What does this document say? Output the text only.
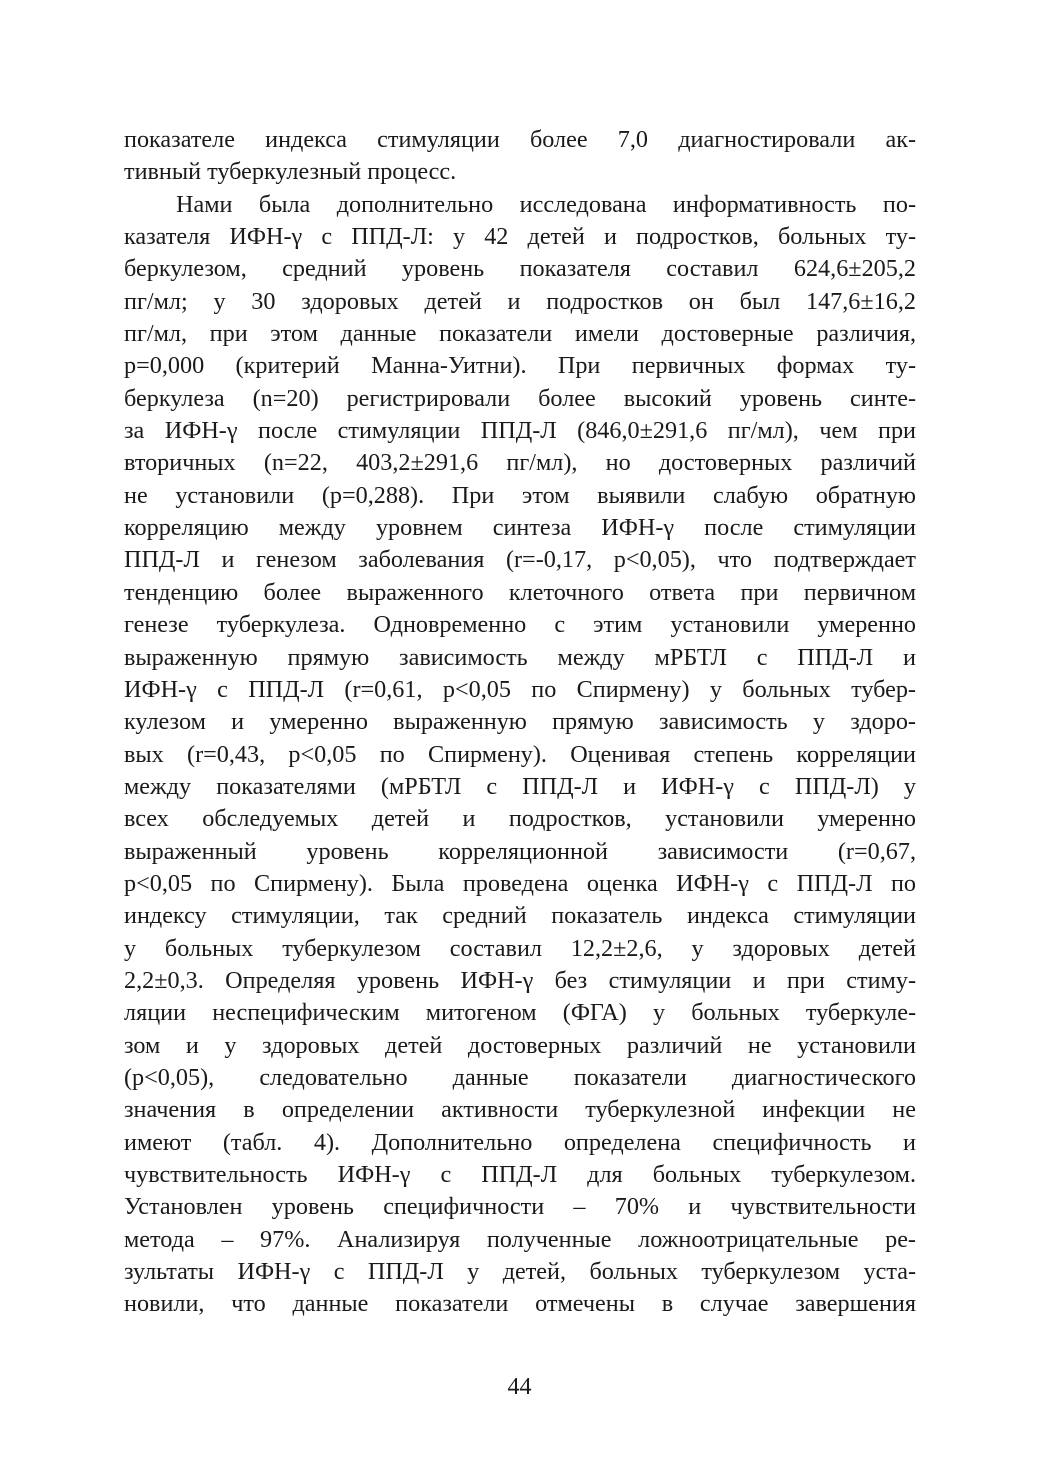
показателе индекса стимуляции более 7,0 диагностировали ак-
тивный туберкулезный процесс.
Нами была дополнительно исследована информативность по-
казателя ИФН-γ с ППД-Л: у 42 детей и подростков, больных ту-
беркулезом, средний уровень показателя составил 624,6±205,2
пг/мл; у 30 здоровых детей и подростков он был 147,6±16,2
пг/мл, при этом данные показатели имели достоверные различия,
р=0,000 (критерий Манна-Уитни). При первичных формах ту-
беркулеза (n=20) регистрировали более высокий уровень синте-
за ИФН-γ после стимуляции ППД-Л (846,0±291,6 пг/мл), чем при
вторичных (n=22, 403,2±291,6 пг/мл), но достоверных различий
не установили (р=0,288). При этом выявили слабую обратную
корреляцию между уровнем синтеза ИФН-γ после стимуляции
ППД-Л и генезом заболевания (r=-0,17, р<0,05), что подтверждает
тенденцию более выраженного клеточного ответа при первичном
генезе туберкулеза. Одновременно с этим установили умеренно
выраженную прямую зависимость между мРБТЛ с ППД-Л и
ИФН-γ с ППД-Л (r=0,61, р<0,05 по Спирмену) у больных тубер-
кулезом и умеренно выраженную прямую зависимость у здоро-
вых (r=0,43, р<0,05 по Спирмену). Оценивая степень корреляции
между показателями (мРБТЛ с ППД-Л и ИФН-γ с ППД-Л) у
всех обследуемых детей и подростков, установили умеренно
выраженный уровень корреляционной зависимости (r=0,67,
р<0,05 по Спирмену). Была проведена оценка ИФН-γ с ППД-Л по
индексу стимуляции, так средний показатель индекса стимуляции
у больных туберкулезом составил 12,2±2,6, у здоровых детей
2,2±0,3. Определяя уровень ИФН-γ без стимуляции и при стиму-
ляции неспецифическим митогеном (ФГА) у больных туберкуле-
зом и у здоровых детей достоверных различий не установили
(р<0,05), следовательно данные показатели диагностического
значения в определении активности туберкулезной инфекции не
имеют (табл. 4). Дополнительно определена специфичность и
чувствительность ИФН-γ с ППД-Л для больных туберкулезом.
Установлен уровень специфичности – 70% и чувствительности
метода – 97%. Анализируя полученные ложноотрицательные ре-
зультаты ИФН-γ с ППД-Л у детей, больных туберкулезом уста-
новили, что данные показатели отмечены в случае завершения
44
